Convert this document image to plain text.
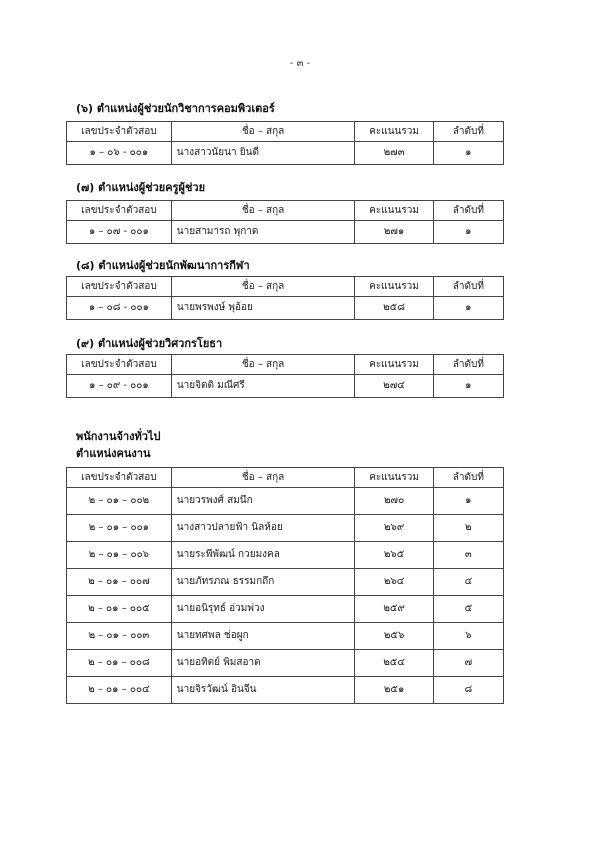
- ๓ -
(๖) ตำแหน่งผู้ช่วยนักวิชาการคอมพิวเตอร์
เลขประจำตัวสอบ	ชื่อ – สกุล	คะแนนรวม	ลำดับที่
๑ – ๐๖ - ๐๐๑	นางสาวนัยนา ยินดี	๒๗๓	๑
(๗) ตำแหน่งผู้ช่วยครูผู้ช่วย
เลขประจำตัวสอบ	ชื่อ – สกุล	คะแนนรวม	ลำดับที่
๑ – ๐๗ - ๐๐๑	นายสามารถ พุกาด	๒๗๑	๑
(๘) ตำแหน่งผู้ช่วยนักพัฒนาการกีฬา
เลขประจำตัวสอบ	ชื่อ – สกุล	คะแนนรวม	ลำดับที่
๑ – ๐๘ - ๐๐๑	นายพรพงษ์ พุอ้อย	๒๕๘	๑
(๙) ตำแหน่งผู้ช่วยวิศวกรโยธา
เลขประจำตัวสอบ	ชื่อ – สกุล	คะแนนรวม	ลำดับที่
๑ – ๐๙ - ๐๐๑	นายจิตติ มณีศรี	๒๗๔	๑
พนักงานจ้างทั่วไป
ตำแหน่งคนงาน
เลขประจำตัวสอบ	ชื่อ – สกุล	คะแนนรวม	ลำดับที่
๒ – ๐๑ – ๐๐๒	นายวรพงศ์ สมนึก	๒๗๐	๑
๒ – ๐๑ – ๐๐๑	นางสาวปลายฟ้า นิลห้อย	๒๖๙	๒
๒ – ๐๑ – ๐๐๖	นายระพีพัฒน์ กวยมงคล	๒๖๕	๓
๒ – ๐๑ – ๐๐๗	นายภัทรภณ ธรรมกถึก	๒๖๔	๔
๒ – ๐๑ – ๐๐๕	นายอนิรุทธ์ อ่วมพ่วง	๒๕๙	๕
๒ – ๐๑ – ๐๐๓	นายทศพล ช่อผูก	๒๕๖	๖
๒ – ๐๑ – ๐๐๘	นายอทิตย์ พิมสอาด	๒๕๔	๗
๒ – ๐๑ – ๐๐๔	นายจิรวัฒน์ อินจีน	๒๕๑	๘
